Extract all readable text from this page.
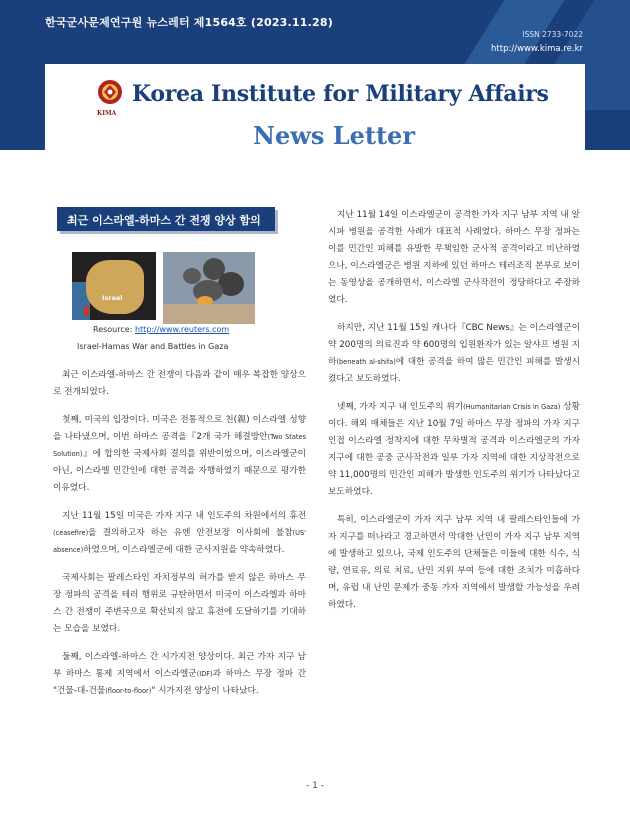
한국군사문제연구원 뉴스레터 제1564호 (2023.11.28)
ISSN 2733-7022
http://www.kima.re.kr
KIMA
Korea Institute for Military Affairs
News Letter
최근 이스라엘-하마스 간 전쟁 양상 함의
Israel
Resource: http://www.reuters.com
Israel-Hamas War and Battles in Gaza

최근 이스라엘-하마스 간 전쟁이 다음과 같이 매우 복잡한 양상으로 전개되었다.

첫째, 미국의 입장이다. 미국은 전통적으로 친(親) 이스라엘 성향을 나타냈으며, 이번 하마스 공격을『2개 국가 해결방안(Two States Solution)』에 합의한 국제사회 결의를 위반이었으며, 이스라엘군이 아닌, 이스라엘 민간인에 대한 공격을 자행하였기 때문으로 평가한 이유였다.

지난 11월 15일 미국은 가자 지구 내 인도주의 차원에서의 휴전(ceasefire)을 결의하고자 하는 유엔 안전보장 이사회에 불참(US' absence)하였으며, 이스라엘군에 대한 군사지원을 약속하였다.

국제사회는 팔레스타인 자치정부의 허가를 받지 않은 하마스 무장 정파의 공격을 테러 행위로 규탄하면서 미국이 이스라엘과 하마스 간 전쟁이 주변국으로 확산되지 않고 휴전에 도달하기를 기대하는 모습을 보였다.

둘째, 이스라엘-하마스 간 시가지전 양상이다. 최근 가자 지구 남부 하마스 통제 지역에서 이스라엘군(IDF)과 하마스 무장 정파 간 "건물-대-건물(floor-to-floor)" 시가지전 양상이 나타났다.

지난 11월 14일 이스라엘군이 공격한 가자 지구 남부 지역 내 알 시파 병원을 공격한 사례가 대표적 사례였다. 하마스 무장 정파는 이를 민간인 피해를 유발한 무책임한 군사적 공격이라고 비난하였으나, 이스라엘군은 병원 지하에 있던 하마스 테러조직 본부로 보이는 동영상을 공개하면서, 이스라엘 군사작전이 정당하다고 주장하였다.

하지만, 지난 11월 15일 캐나다『CBC News』는 이스라엘군이 약 200명의 의료진과 약 600명의 입원환자가 있는 알샤프 병원 지하(beneath al-shifa)에 대한 공격을 하여 많은 민간인 피해를 발생시켰다고 보도하였다.

넷째, 가자 지구 내 인도주의 위기(Humanitarian Crisis in Gaza) 상황이다. 해외 매체들은 지난 10월 7일 하마스 무장 정파의 가자 지구 인접 이스라엘 정착지에 대한 무차별적 공격과 이스라엘군의 가자 지구에 대한 공중 군사작전과 일부 가자 지역에 대한 지상작전으로 약 11,000명의 민간인 피해가 발생한 인도주의 위기가 나타났다고 보도하였다.

특히, 이스라엘군이 가자 지구 남부 지역 내 팔레스타인들에 가자 지구를 떠나라고 경고하면서 막대한 난민이 가자 지구 남부 지역에 발생하고 있으나, 국제 인도주의 단체들은 이들에 대한 식수, 식량, 연료유, 의료 치료, 난민 지위 부여 등에 대한 조치가 미흡하다며, 유럽 내 난민 문제가 중동 가자 지역에서 발생할 가능성을 우려하였다.

- 1 -
